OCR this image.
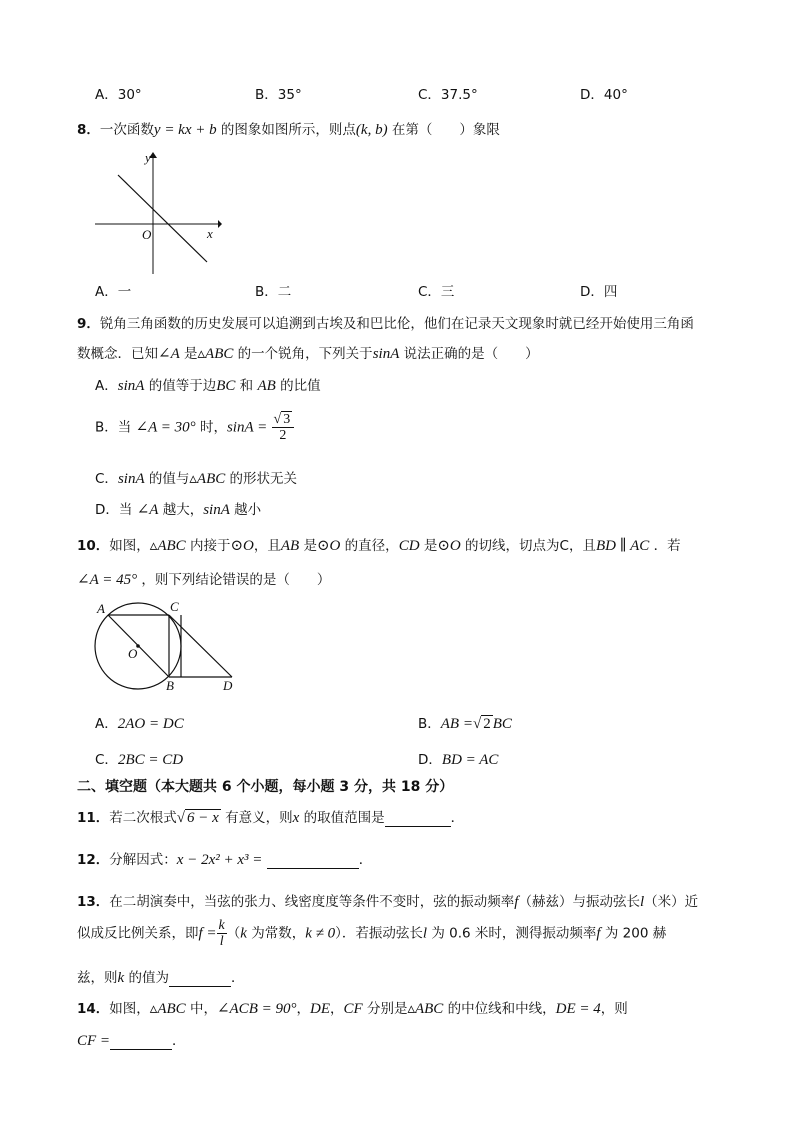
A．30°	B．35°	C．37.5°	D．40°
8．一次函数y = kx + b 的图象如图所示，则点(k, b) 在第（　　）象限
y
O	x
A．一	B．二	C．三	D．四
9．锐角三角函数的历史发展可以追溯到古埃及和巴比伦，他们在记录天文现象时就已经开始使用三角函
数概念．已知∠A 是▵ABC 的一个锐角，下列关于sinA 说法正确的是（　　）
A．sinA 的值等于边BC 和 AB 的比值
B．当 ∠A = 30° 时，$\sin A = \frac{√ 3}{2}$
C．sinA 的值与▵ABC 的形状无关
D．当 ∠A 越大，sinA 越小
10．如图，▵ABC 内接于⊙O，且AB 是⊙O 的直径，CD 是⊙O 的切线，切点为C，且BD ∥ AC ．若
∠A = 45° ，则下列结论错误的是（　　）
A	C
O
B	D
A．2AO = DC	B．AB =√ 2 BC
C．2BC = CD	D．BD = AC
二、填空题（本大题共 6 个小题，每小题 3 分，共 18 分）
11．若二次根式√ 6 − x 有意义，则x 的取值范围是	．
12．分解因式：x − 2x² + x³ =	．
13．在二胡演奏中，当弦的张力、线密度度等条件不变时，弦的振动频率f（赫兹）与振动弦长l（米）近
似成反比例关系，即$f = \frac{k}{l} (k$ 为常数，k ≠ 0）．若振动弦长l 为 0.6 米时，测得振动频率f 为 200 赫
兹，则k 的值为	．
14．如图，▵ABC 中，∠ACB = 90°，DE，CF 分别是▵ABC 的中位线和中线，DE = 4，则
CF =	．
